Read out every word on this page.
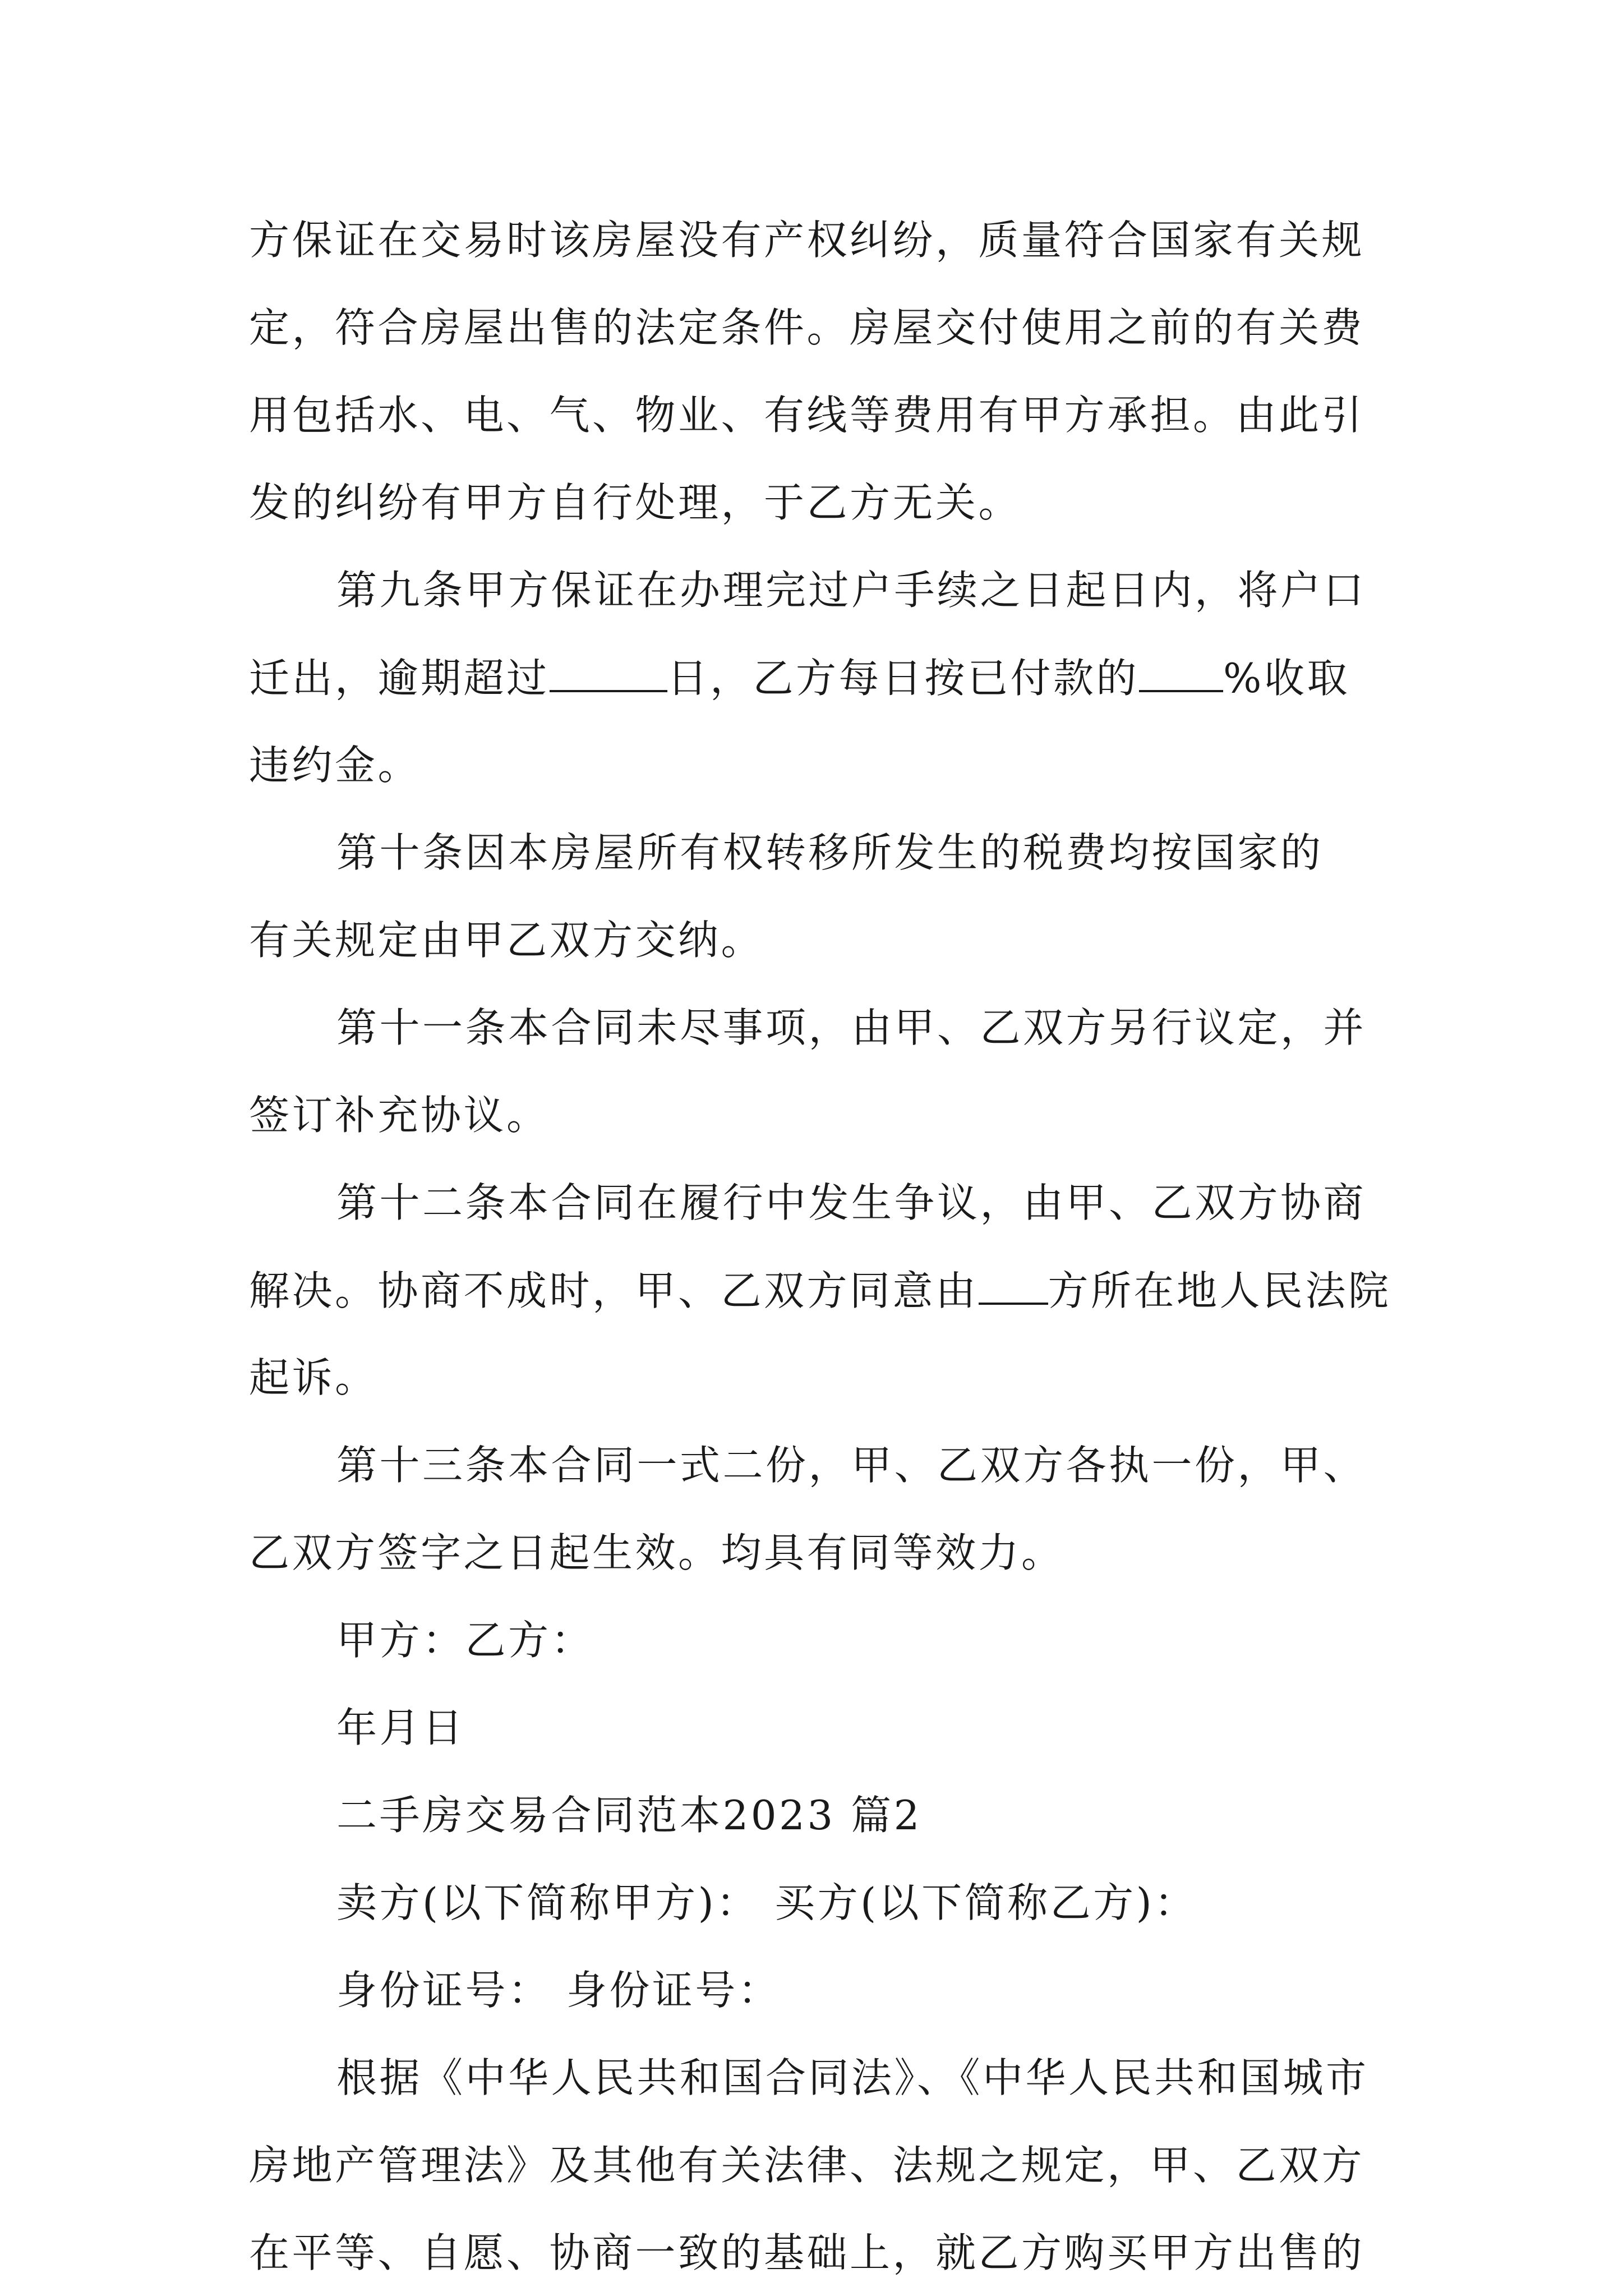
方保证在交易时该房屋没有产权纠纷，质量符合国家有关规
定，符合房屋出售的法定条件。房屋交付使用之前的有关费
用包括水、电、气、物业、有线等费用有甲方承担。由此引
发的纠纷有甲方自行处理，于乙方无关。
第九条甲方保证在办理完过户手续之日起日内，将户口
迁出，逾期超过	日，乙方每日按已付款的 %收取
违约金。
第十条因本房屋所有权转移所发生的税费均按国家的
有关规定由甲乙双方交纳。
第十一条本合同未尽事项，由甲、乙双方另行议定，并
签订补充协议。
第十二条本合同在履行中发生争议，由甲、乙双方协商
解决。协商不成时，甲、乙双方同意由 方所在地人民法院
起诉。
第十三条本合同一式二份，甲、乙双方各执一份，甲、
乙双方签字之日起生效。均具有同等效力。
甲方：乙方：
年月日
二手房交易合同范本2023 篇2
卖方(以下简称甲方)： 买方(以下简称乙方)：
身份证号： 身份证号：
根据《中华人民共和国合同法》、《中华人民共和国城市
房地产管理法》及其他有关法律、法规之规定，甲、乙双方
在平等、自愿、协商一致的基础上，就乙方购买甲方出售的
